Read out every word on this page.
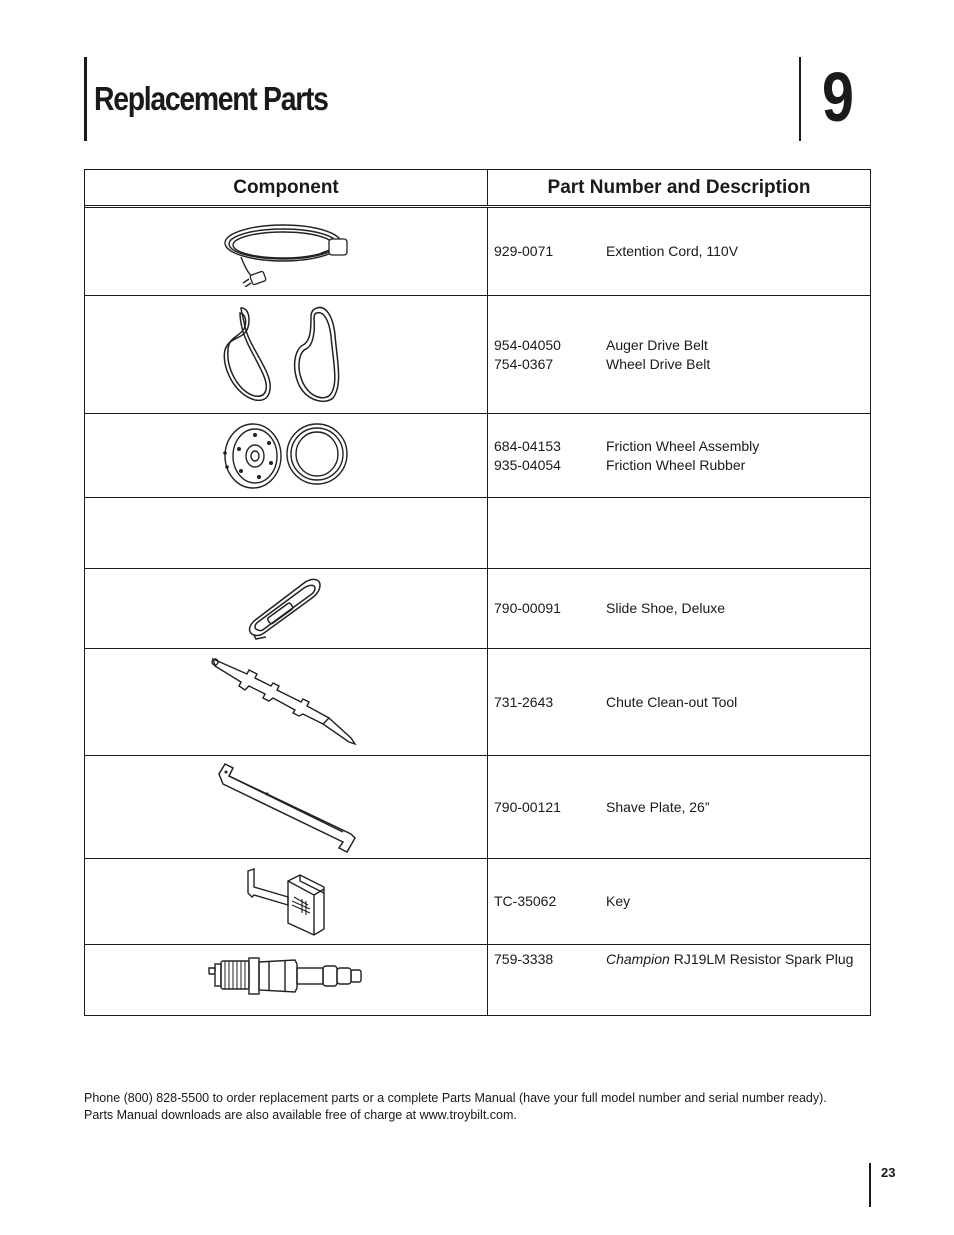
Replacement Parts	9
Component	Part Number and Description
929-0071	Extention Cord, 110V
954-04050	Auger Drive Belt
754-0367	Wheel Drive Belt
684-04153	Friction Wheel Assembly
935-04054	Friction Wheel Rubber
790-00091	Slide Shoe, Deluxe
731-2643	Chute Clean-out Tool
790-00121	Shave Plate, 26”
TC-35062	Key
759-3338	Champion RJ19LM Resistor Spark Plug
Phone (800) 828-5500 to order replacement parts or a complete Parts Manual (have your full model number and serial number ready).
Parts Manual downloads are also available free of charge at www.troybilt.com.
23
